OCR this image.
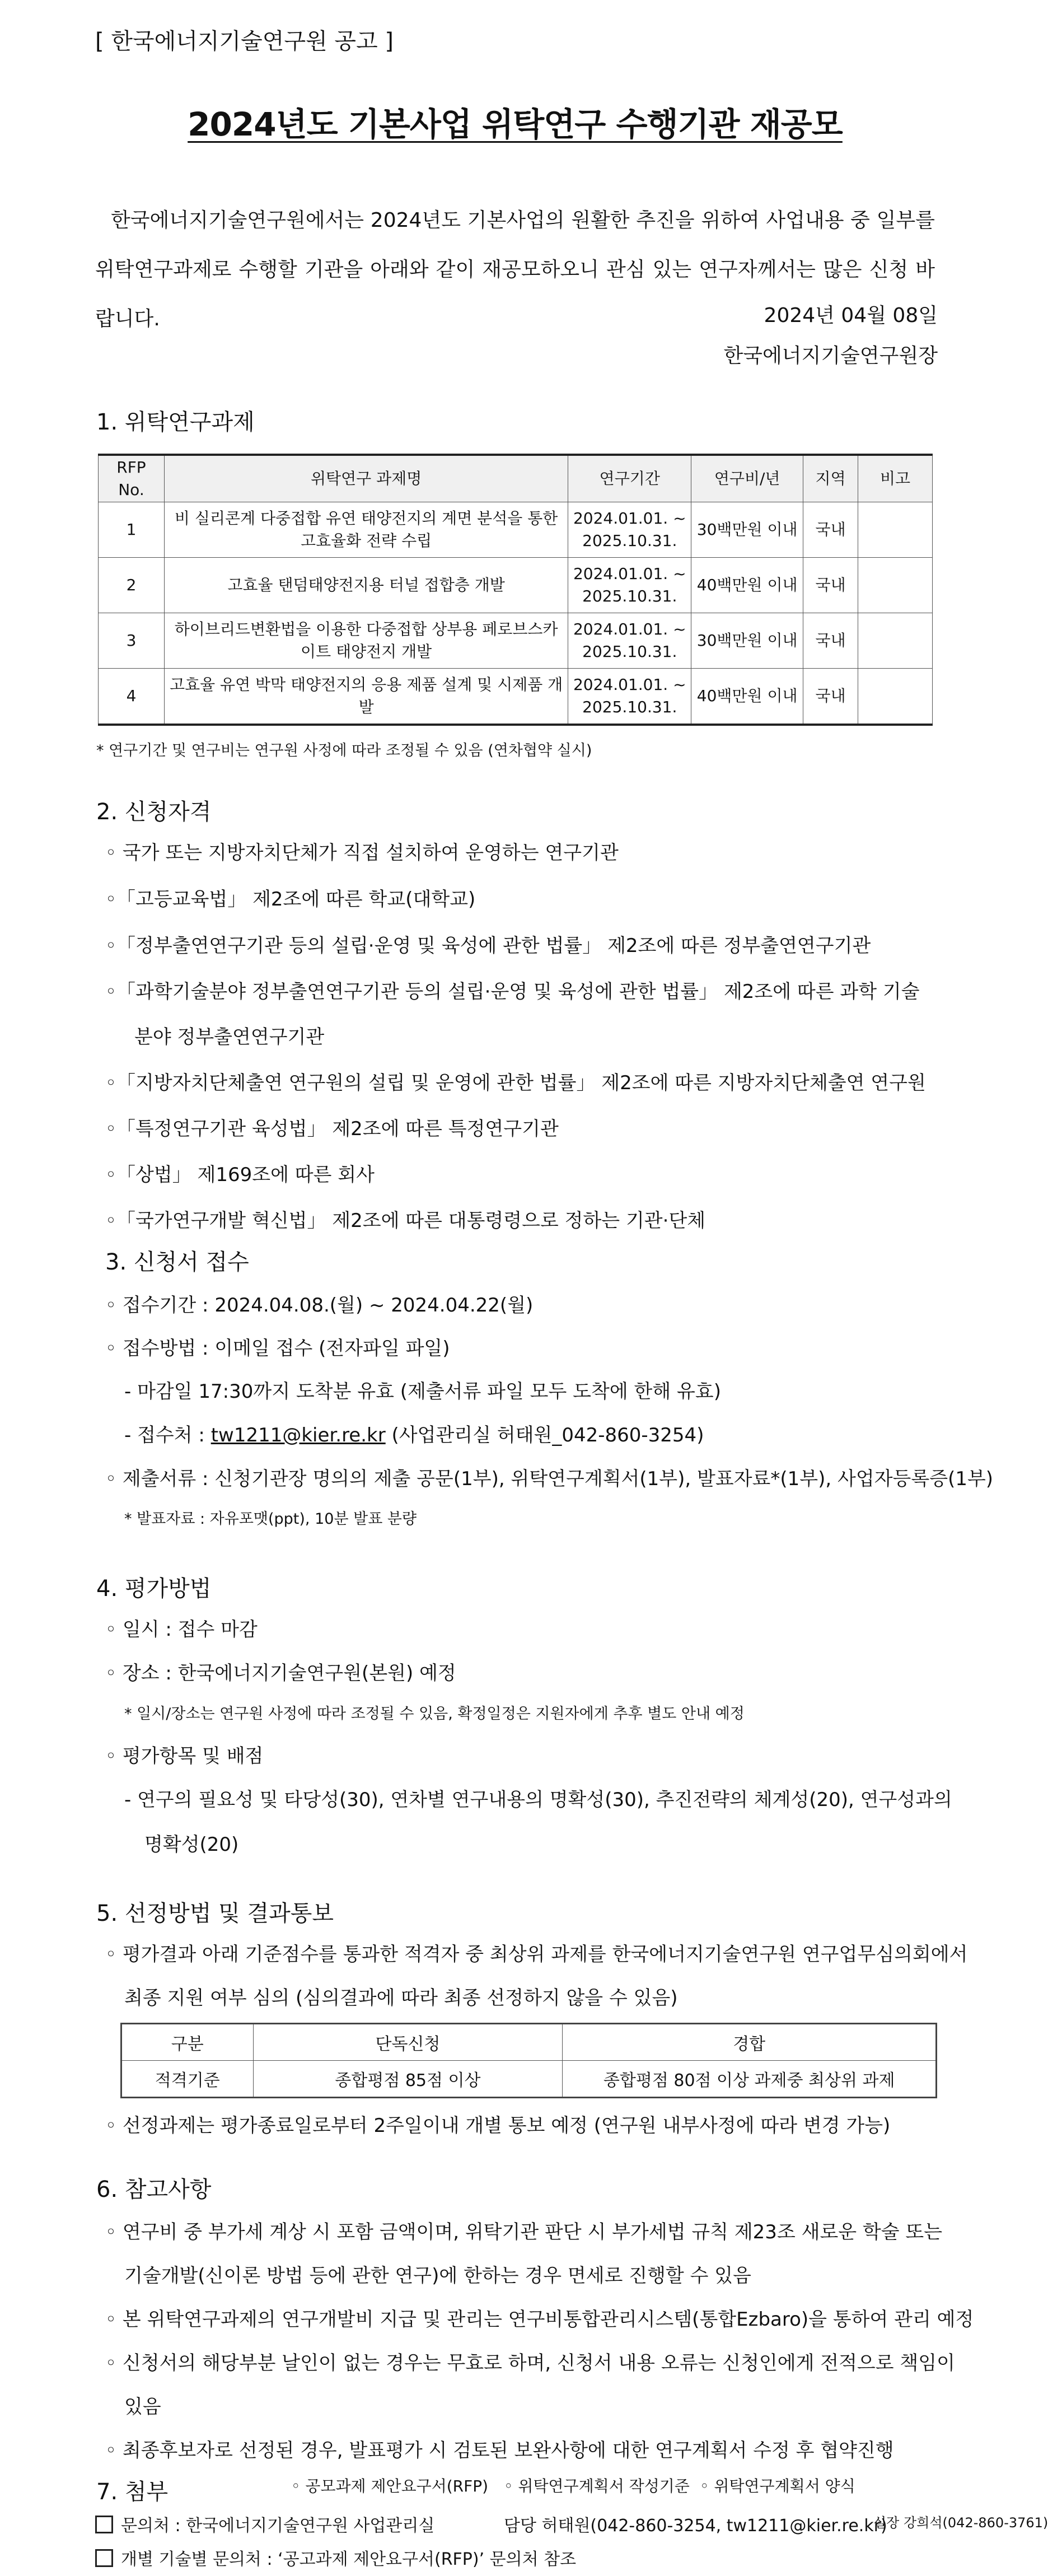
[ 한국에너지기술연구원 공고 ]
2024년도 기본사업 위탁연구 수행기관 재공모
한국에너지기술연구원에서는 2024년도 기본사업의 원활한 추진을 위하여 사업내용 중 일부를 위탁연구과제로 수행할 기관을 아래와 같이 재공모하오니 관심 있는 연구자께서는 많은 신청 바랍니다.	2024년 04월 08일
한국에너지기술연구원장
1. 위탁연구과제
RFP No.	위탁연구 과제명	연구기간	연구비/년	지역	비고
1	비 실리콘계 다중접합 유연 태양전지의 계면 분석을 통한 고효율화 전략 수립	2024.01.01. ~ 2025.10.31.	30백만원 이내	국내	
2	고효율 탠덤태양전지용 터널 접합층 개발	2024.01.01. ~ 2025.10.31.	40백만원 이내	국내	
3	하이브리드변환법을 이용한 다중접합 상부용 페로브스카이트 태양전지 개발	2024.01.01. ~ 2025.10.31.	30백만원 이내	국내	
4	고효율 유연 박막 태양전지의 응용 제품 설계 및 시제품 개발	2024.01.01. ~ 2025.10.31.	40백만원 이내	국내	
* 연구기간 및 연구비는 연구원 사정에 따라 조정될 수 있음 (연차협약 실시)
2. 신청자격
◦ 국가 또는 지방자치단체가 직접 설치하여 운영하는 연구기관
◦「고등교육법」 제2조에 따른 학교(대학교)
◦「정부출연연구기관 등의 설립·운영 및 육성에 관한 법률」 제2조에 따른 정부출연연구기관
◦「과학기술분야 정부출연연구기관 등의 설립·운영 및 육성에 관한 법률」 제2조에 따른 과학 기술
분야 정부출연연구기관
◦「지방자치단체출연 연구원의 설립 및 운영에 관한 법률」 제2조에 따른 지방자치단체출연 연구원
◦「특정연구기관 육성법」 제2조에 따른 특정연구기관
◦「상법」 제169조에 따른 회사
◦「국가연구개발 혁신법」 제2조에 따른 대통령령으로 정하는 기관·단체
3. 신청서 접수
◦ 접수기간 : 2024.04.08.(월) ~ 2024.04.22(월)
◦ 접수방법 : 이메일 접수 (전자파일 파일)
- 마감일 17:30까지 도착분 유효 (제출서류 파일 모두 도착에 한해 유효)
- 접수처 : tw1211@kier.re.kr (사업관리실 허태원_042-860-3254)
◦ 제출서류 : 신청기관장 명의의 제출 공문(1부), 위탁연구계획서(1부), 발표자료*(1부), 사업자등록증(1부)
* 발표자료 : 자유포맷(ppt), 10분 발표 분량
4. 평가방법
◦ 일시 : 접수 마감
◦ 장소 : 한국에너지기술연구원(본원) 예정
* 일시/장소는 연구원 사정에 따라 조정될 수 있음, 확정일정은 지원자에게 추후 별도 안내 예정
◦ 평가항목 및 배점
- 연구의 필요성 및 타당성(30), 연차별 연구내용의 명확성(30), 추진전략의 체계성(20), 연구성과의
명확성(20)
5. 선정방법 및 결과통보
◦ 평가결과 아래 기준점수를 통과한 적격자 중 최상위 과제를 한국에너지기술연구원 연구업무심의회에서
최종 지원 여부 심의 (심의결과에 따라 최종 선정하지 않을 수 있음)
구분	단독신청	경합
적격기준	종합평점 85점 이상	종합평점 80점 이상 과제중 최상위 과제
◦ 선정과제는 평가종료일로부터 2주일이내 개별 통보 예정 (연구원 내부사정에 따라 변경 가능)
6. 참고사항
◦ 연구비 중 부가세 계상 시 포함 금액이며, 위탁기관 판단 시 부가세법 규칙 제23조 새로운 학술 또는
기술개발(신이론 방법 등에 관한 연구)에 한하는 경우 면세로 진행할 수 있음
◦ 본 위탁연구과제의 연구개발비 지급 및 관리는 연구비통합관리시스템(통합Ezbaro)을 통하여 관리 예정
◦ 신청서의 해당부분 날인이 없는 경우는 무효로 하며, 신청서 내용 오류는 신청인에게 전적으로 책임이
있음
◦ 최종후보자로 선정된 경우, 발표평가 시 검토된 보완사항에 대한 연구계획서 수정 후 협약진행
7. 첨부	◦ 공모과제 제안요구서(RFP) ◦ 위탁연구계획서 작성기준 ◦ 위탁연구계획서 양식
문의처 : 한국에너지기술연구원 사업관리실	담당 허태원(042-860-3254, tw1211@kier.re.kr)
실장 강희석(042-860-3761)
개별 기술별 문의처 : ‘공고과제 제안요구서(RFP)’ 문의처 참조
